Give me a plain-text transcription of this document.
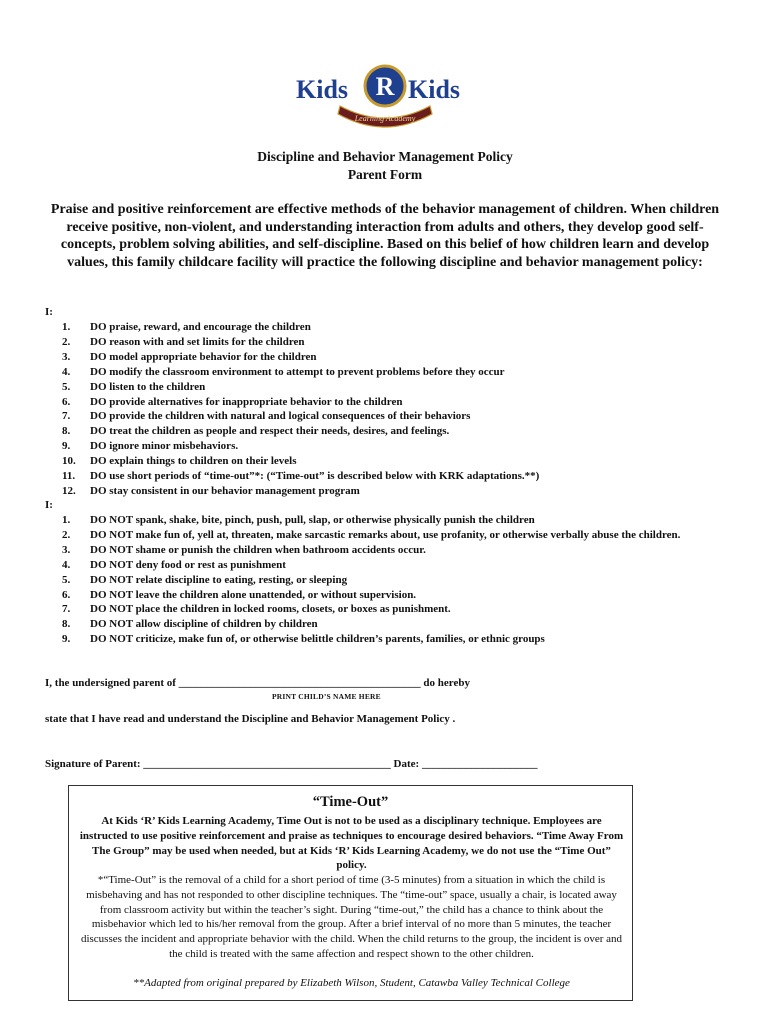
R
Kids Kids
Learning Academy
Discipline and Behavior Management Policy
Parent Form
Praise and positive reinforcement are effective methods of the behavior management of children. When children receive positive, non-violent, and understanding interaction from adults and others, they develop good self-concepts, problem solving abilities, and self-discipline. Based on this belief of how children learn and develop values, this family childcare facility will practice the following discipline and behavior management policy:
I:
1.	DO praise, reward, and encourage the children
2.	DO reason with and set limits for the children
3.	DO model appropriate behavior for the children
4.	DO modify the classroom environment to attempt to prevent problems before they occur
5.	DO listen to the children
6.	DO provide alternatives for inappropriate behavior to the children
7.	DO provide the children with natural and logical consequences of their behaviors
8.	DO treat the children as people and respect their needs, desires, and feelings.
9.	DO ignore minor misbehaviors.
10.	DO explain things to children on their levels
11.	DO use short periods of “time-out”*: (“Time-out” is described below with KRK adaptations.**)
12.	DO stay consistent in our behavior management program
I:
1.	DO NOT spank, shake, bite, pinch, push, pull, slap, or otherwise physically punish the children
2.	DO NOT make fun of, yell at, threaten, make sarcastic remarks about, use profanity, or otherwise verbally abuse the children.
3.	DO NOT shame or punish the children when bathroom accidents occur.
4.	DO NOT deny food or rest as punishment
5.	DO NOT relate discipline to eating, resting, or sleeping
6.	DO NOT leave the children alone unattended, or without supervision.
7.	DO NOT place the children in locked rooms, closets, or boxes as punishment.
8.	DO NOT allow discipline of children by children
9.	DO NOT criticize, make fun of, or otherwise belittle children’s parents, families, or ethnic groups
I, the undersigned parent of ____________________________________________ do hereby
PRINT CHILD’S NAME HERE
state that I have read and understand the Discipline and Behavior Management Policy .
Signature of Parent: _____________________________________________ Date: _____________________
“Time-Out”
At Kids ‘R’ Kids Learning Academy, Time Out is not to be used as a disciplinary technique. Employees are instructed to use positive reinforcement and praise as techniques to encourage desired behaviors. “Time Away From The Group” may be used when needed, but at Kids ‘R’ Kids Learning Academy, we do not use the “Time Out” policy.
*“Time-Out” is the removal of a child for a short period of time (3-5 minutes) from a situation in which the child is misbehaving and has not responded to other discipline techniques. The “time-out” space, usually a chair, is located away from classroom activity but within the teacher’s sight. During “time-out,” the child has a chance to think about the misbehavior which led to his/her removal from the group. After a brief interval of no more than 5 minutes, the teacher discusses the incident and appropriate behavior with the child. When the child returns to the group, the incident is over and the child is treated with the same affection and respect shown to the other children.
**Adapted from original prepared by Elizabeth Wilson, Student, Catawba Valley Technical College
